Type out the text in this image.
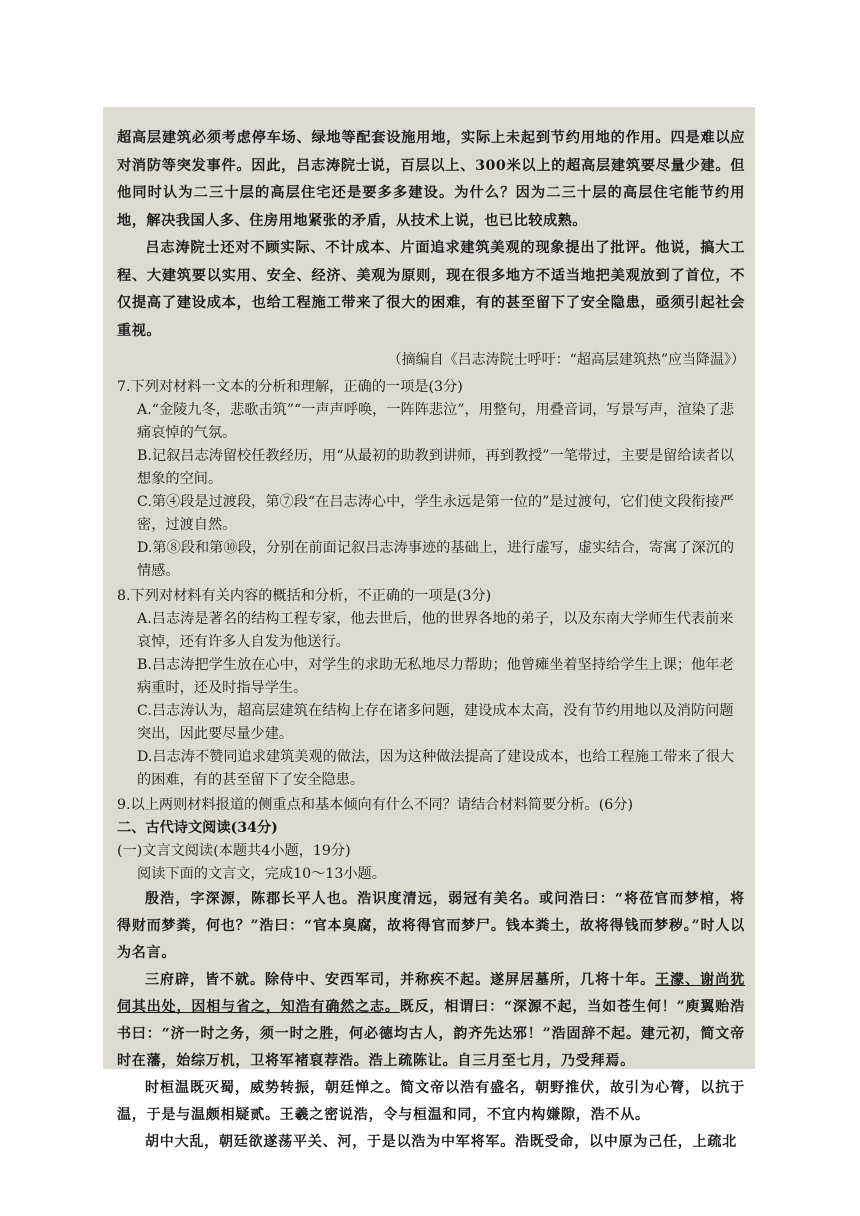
超高层建筑必须考虑停车场、绿地等配套设施用地，实际上未起到节约用地的作用。四是难以应对消防等突发事件。因此，吕志涛院士说，百层以上、300米以上的超高层建筑要尽量少建。但他同时认为二三十层的高层住宅还是要多多建设。为什么？因为二三十层的高层住宅能节约用地，解决我国人多、住房用地紧张的矛盾，从技术上说，也已比较成熟。

吕志涛院士还对不顾实际、不计成本、片面追求建筑美观的现象提出了批评。他说，搞大工程、大建筑要以实用、安全、经济、美观为原则，现在很多地方不适当地把美观放到了首位，不仅提高了建设成本，也给工程施工带来了很大的困难，有的甚至留下了安全隐患，亟须引起社会重视。

（摘编自《吕志涛院士呼吁：“超高层建筑热”应当降温》）

7.下列对材料一文本的分析和理解，正确的一项是(3分)

A.“金陵九冬，悲歌击筑”“一声声呼唤，一阵阵悲泣”，用整句，用叠音词，写景写声，渲染了悲痛哀悼的气氛。

B.记叙吕志涛留校任教经历，用“从最初的助教到讲师，再到教授”一笔带过，主要是留给读者以想象的空间。

C.第④段是过渡段，第⑦段“在吕志涛心中，学生永远是第一位的”是过渡句，它们使文段衔接严密，过渡自然。

D.第⑧段和第⑩段，分别在前面记叙吕志涛事迹的基础上，进行虚写，虚实结合，寄寓了深沉的情感。

8.下列对材料有关内容的概括和分析，不正确的一项是(3分)

A.吕志涛是著名的结构工程专家，他去世后，他的世界各地的弟子，以及东南大学师生代表前来哀悼，还有许多人自发为他送行。

B.吕志涛把学生放在心中，对学生的求助无私地尽力帮助；他曾瘫坐着坚持给学生上课；他年老病重时，还及时指导学生。

C.吕志涛认为，超高层建筑在结构上存在诸多问题，建设成本太高，没有节约用地以及消防问题突出，因此要尽量少建。

D.吕志涛不赞同追求建筑美观的做法，因为这种做法提高了建设成本，也给工程施工带来了很大的困难，有的甚至留下了安全隐患。

9.以上两则材料报道的侧重点和基本倾向有什么不同？请结合材料简要分析。(6分)

二、古代诗文阅读(34分)

(一)文言文阅读(本题共4小题，19分)

阅读下面的文言文，完成10～13小题。

殷浩，字深源，陈郡长平人也。浩识度清远，弱冠有美名。或问浩曰：“将莅官而梦棺，将得财而梦粪，何也？”浩曰：“官本臭腐，故将得官而梦尸。钱本粪土，故将得钱而梦秽。”时人以为名言。

三府辟，皆不就。除侍中、安西军司，并称疾不起。遂屏居墓所，几将十年。王濛、谢尚犹伺其出处，因相与省之，知浩有确然之志。既反，相谓曰：“深源不起，当如苍生何！”庾翼贻浩书曰：“济一时之务，须一时之胜，何必德均古人，韵齐先达邪！”浩固辞不起。建元初，简文帝时在藩，始综万机，卫将军褚裒荐浩。浩上疏陈让。自三月至七月，乃受拜焉。

时桓温既灭蜀，威势转振，朝廷惮之。简文帝以浩有盛名，朝野推伏，故引为心膂，以抗于温，于是与温颇相疑贰。王羲之密说浩，令与桓温和同，不宜内构嫌隙，浩不从。

胡中大乱，朝廷欲遂荡平关、河，于是以浩为中军将军。浩既受命，以中原为己任，上疏北
